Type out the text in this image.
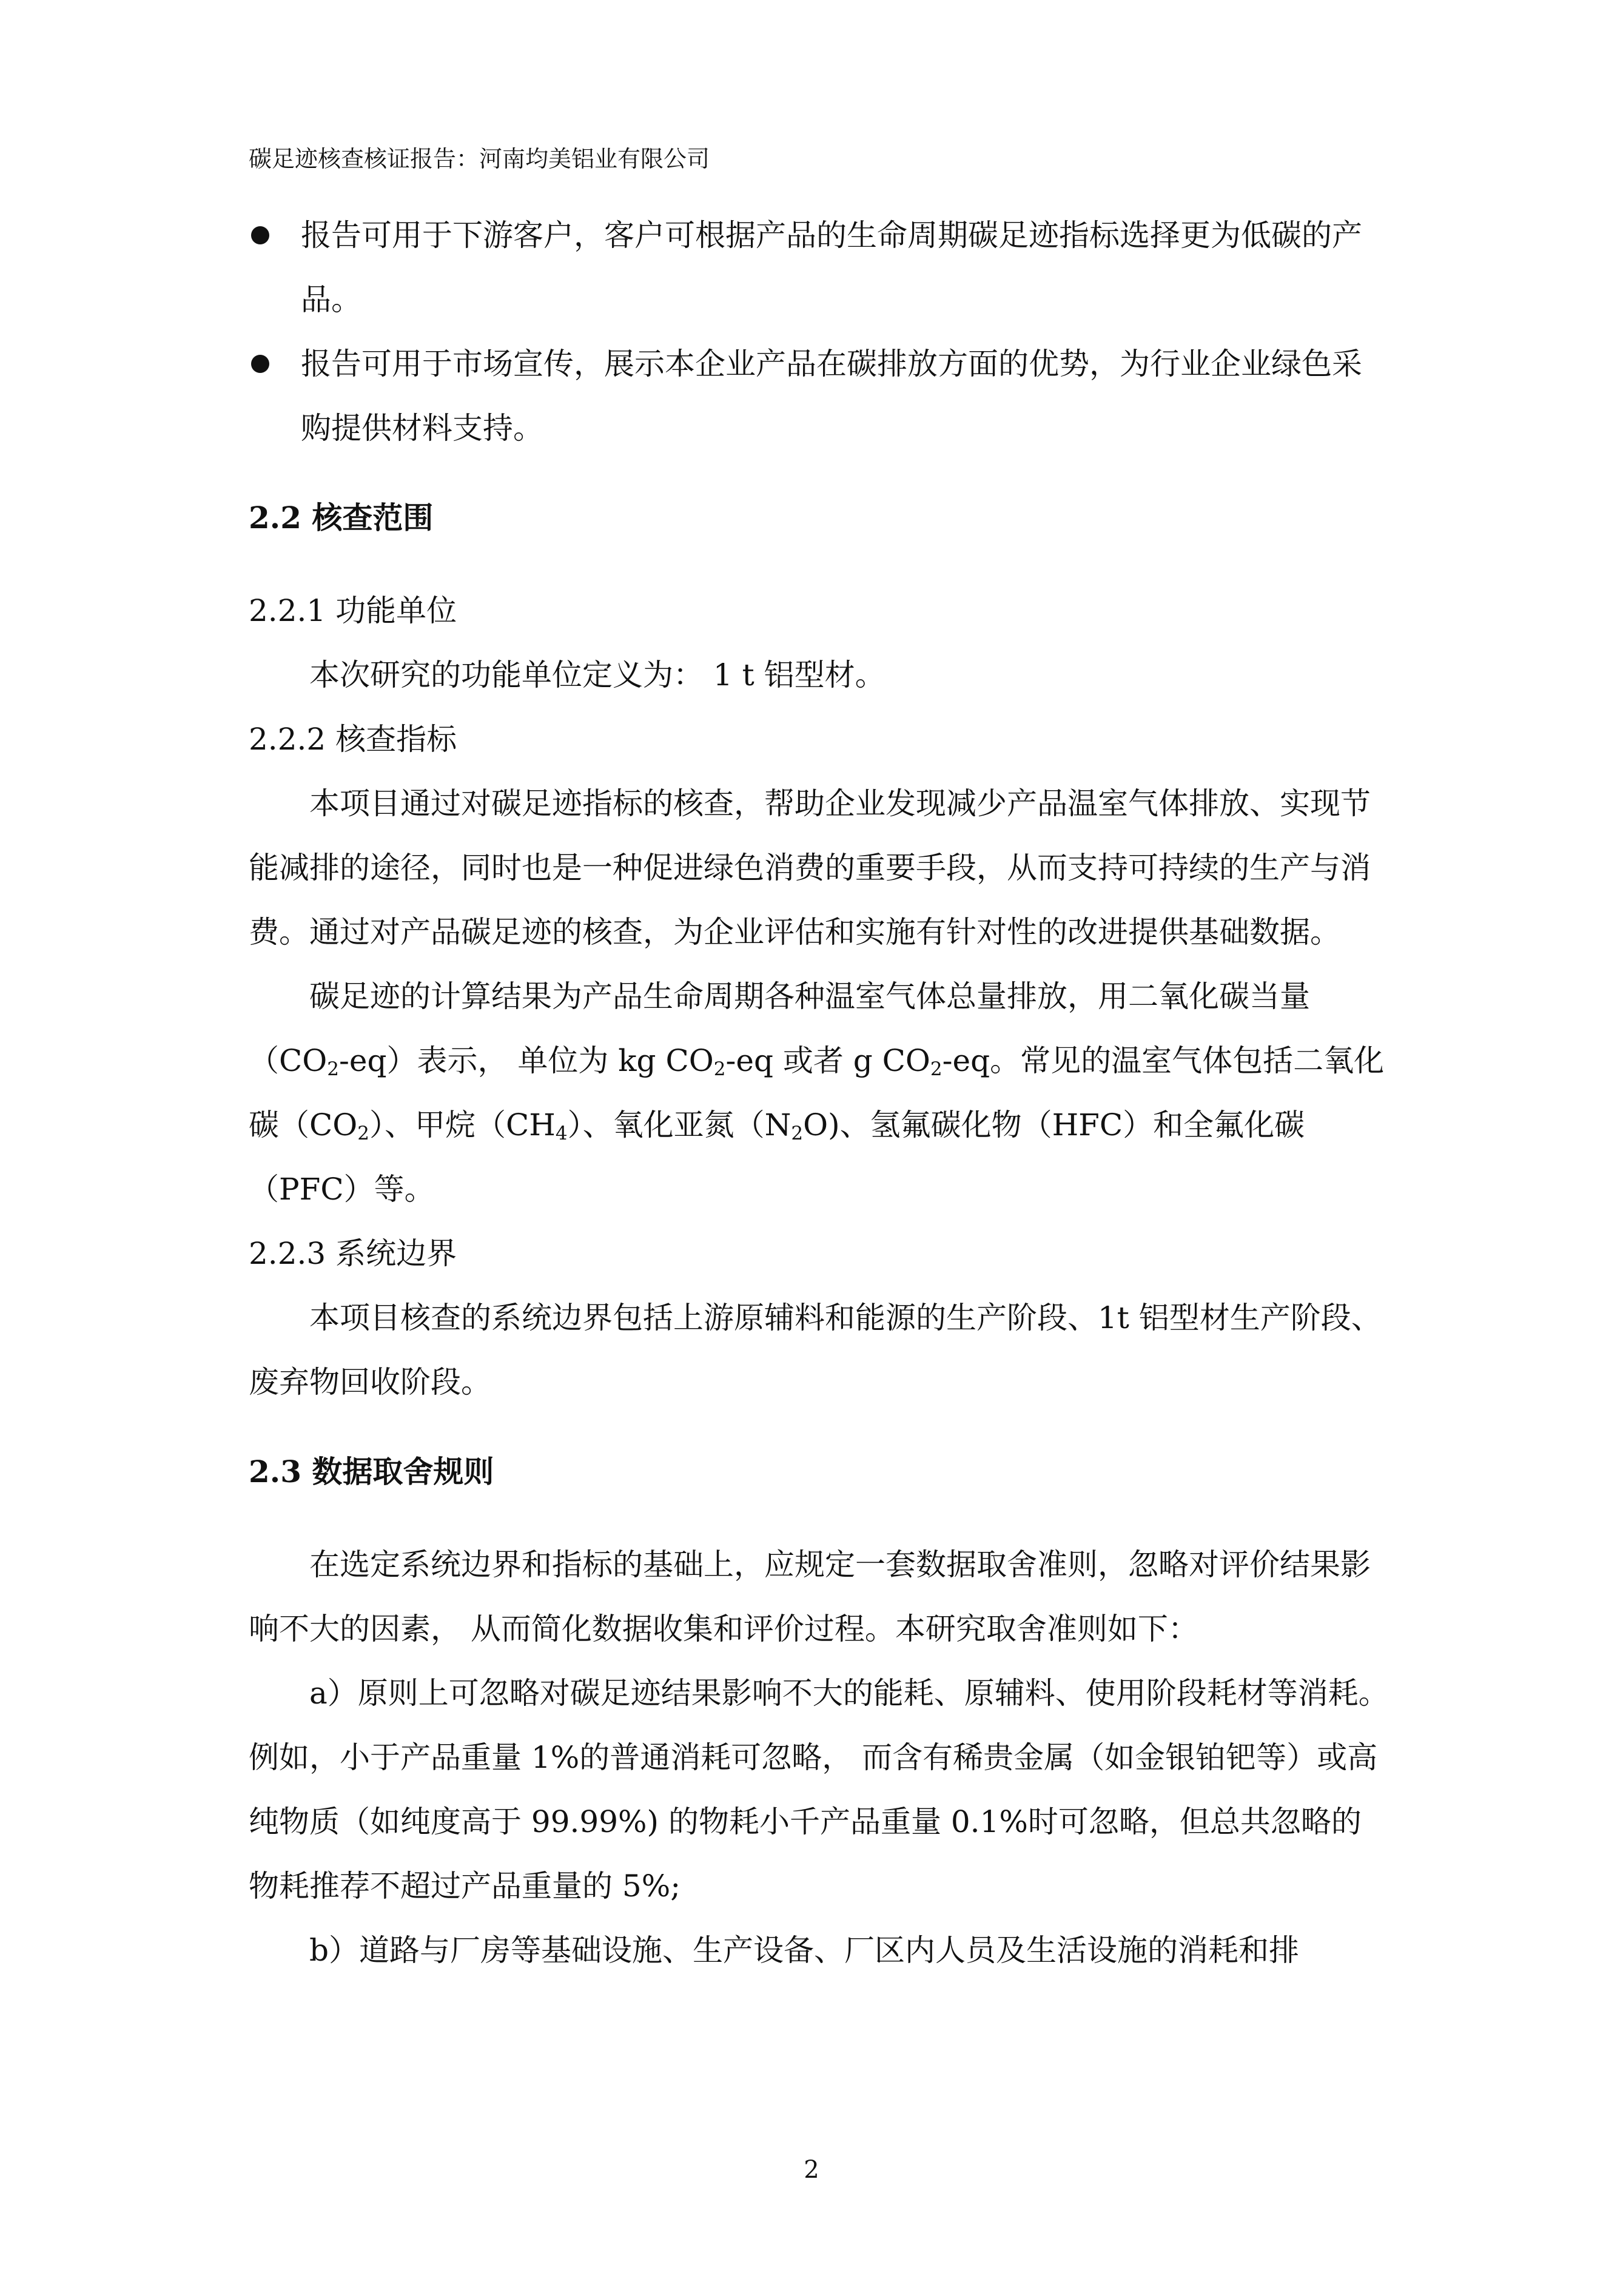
碳足迹核查核证报告：河南均美铝业有限公司
报告可用于下游客户，客户可根据产品的生命周期碳足迹指标选择更为低碳的产品。
报告可用于市场宣传，展示本企业产品在碳排放方面的优势，为行业企业绿色采购提供材料支持。
2.2 核查范围
2.2.1 功能单位
本次研究的功能单位定义为： 1 t 铝型材。
2.2.2 核查指标
本项目通过对碳足迹指标的核查，帮助企业发现减少产品温室气体排放、实现节能减排的途径，同时也是一种促进绿色消费的重要手段，从而支持可持续的生产与消费。通过对产品碳足迹的核查，为企业评估和实施有针对性的改进提供基础数据。
碳足迹的计算结果为产品生命周期各种温室气体总量排放，用二氧化碳当量$(CO_2-eq)$表示， 单位为 kg $CO_2-eq$ 或者 g $CO_2-eq$。常见的温室气体包括二氧化碳$(CO_2)$、甲烷$(CH_4)$、氧化亚氮$(N_2O)$、氢氟碳化物（HFC）和全氟化碳（PFC）等。
2.2.3 系统边界
本项目核查的系统边界包括上游原辅料和能源的生产阶段、1t 铝型材生产阶段、废弃物回收阶段。
2.3 数据取舍规则
在选定系统边界和指标的基础上，应规定一套数据取舍准则，忽略对评价结果影响不大的因素， 从而简化数据收集和评价过程。本研究取舍准则如下：
a）原则上可忽略对碳足迹结果影响不大的能耗、原辅料、使用阶段耗材等消耗。例如，小于产品重量 1%的普通消耗可忽略， 而含有稀贵金属（如金银铂钯等）或高纯物质（如纯度高于 99.99%) 的物耗小千产品重量 0.1%时可忽略，但总共忽略的物耗推荐不超过产品重量的 5%;
b）道路与厂房等基础设施、生产设备、厂区内人员及生活设施的消耗和排
2
